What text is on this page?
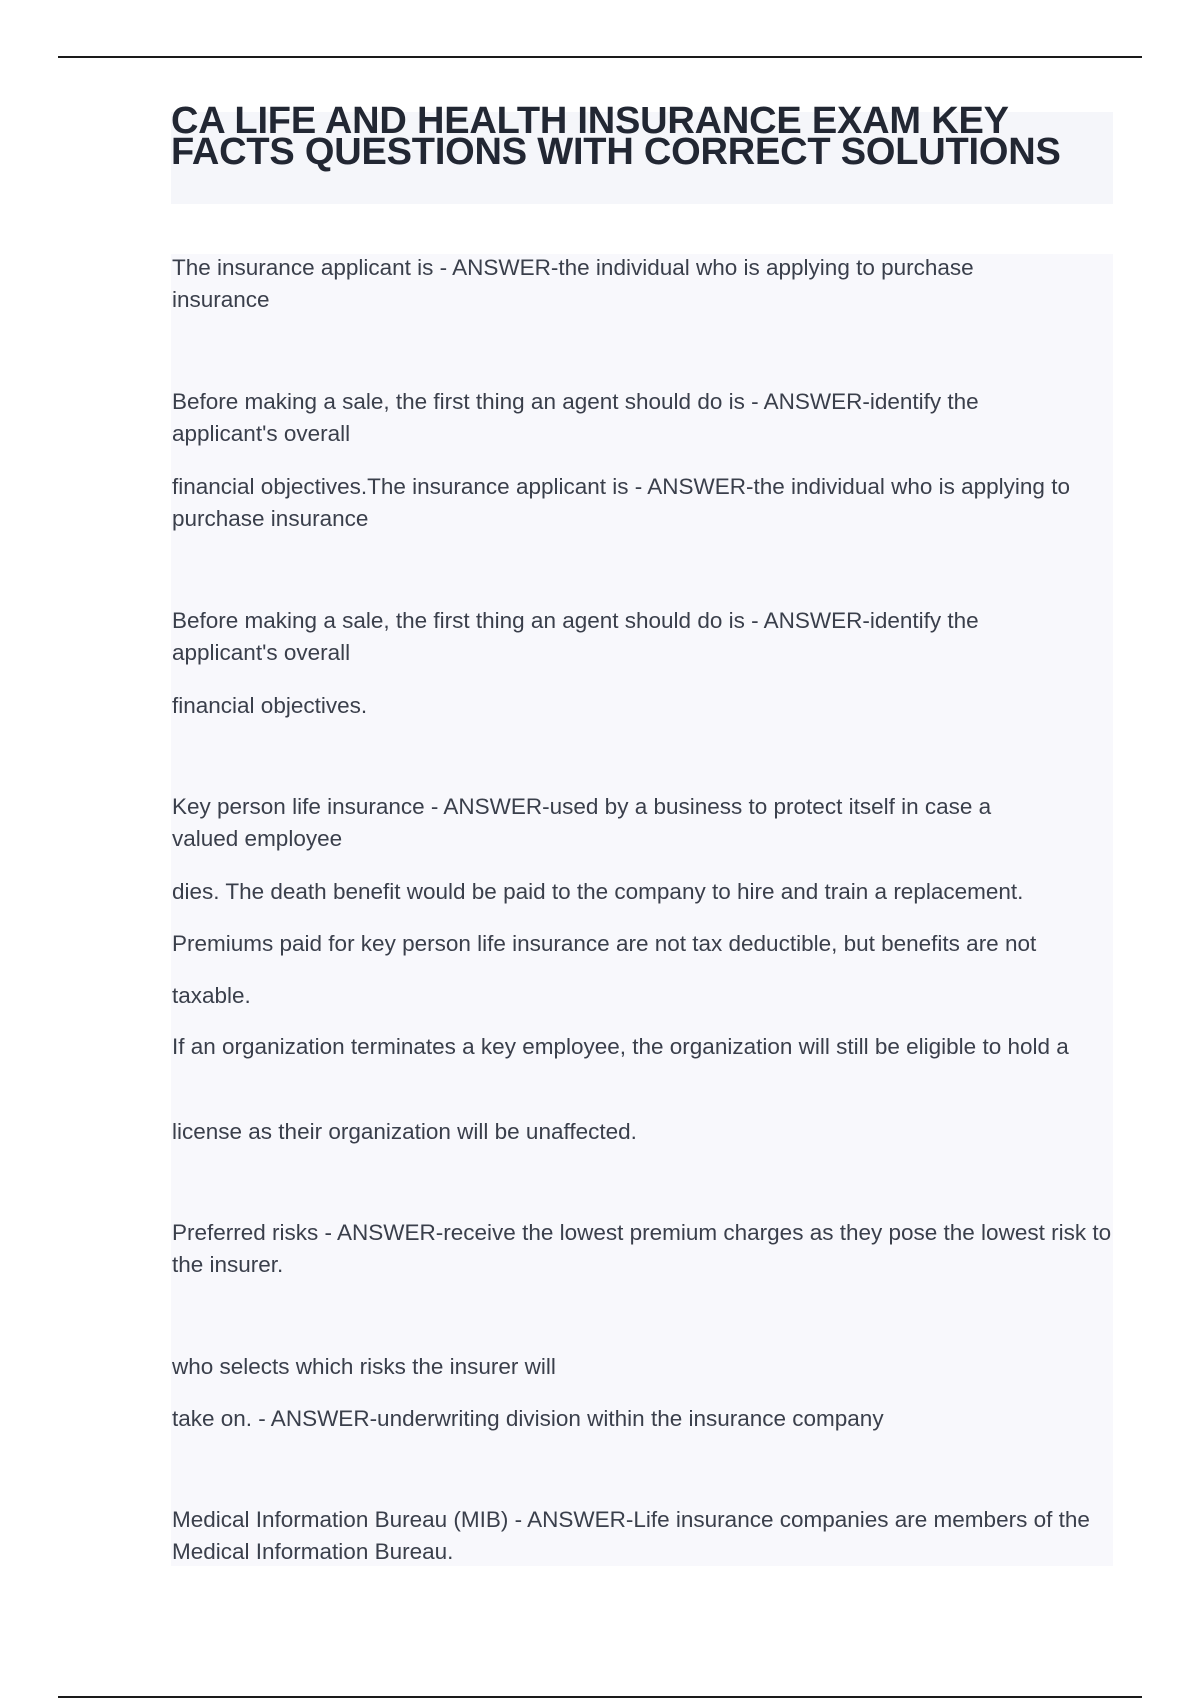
CA LIFE AND HEALTH INSURANCE EXAM KEY FACTS QUESTIONS WITH CORRECT SOLUTIONS

The insurance applicant is - ANSWER-the individual who is applying to purchase insurance

Before making a sale, the first thing an agent should do is - ANSWER-identify the applicant's overall

financial objectives.The insurance applicant is - ANSWER-the individual who is applying to purchase insurance

Before making a sale, the first thing an agent should do is - ANSWER-identify the applicant's overall

financial objectives.

Key person life insurance - ANSWER-used by a business to protect itself in case a valued employee

dies. The death benefit would be paid to the company to hire and train a replacement.

Premiums paid for key person life insurance are not tax deductible, but benefits are not

taxable.

If an organization terminates a key employee, the organization will still be eligible to hold a

license as their organization will be unaffected.

Preferred risks - ANSWER-receive the lowest premium charges as they pose the lowest risk to the insurer.

who selects which risks the insurer will

take on. - ANSWER-underwriting division within the insurance company

Medical Information Bureau (MIB) - ANSWER-Life insurance companies are members of the Medical Information Bureau.
